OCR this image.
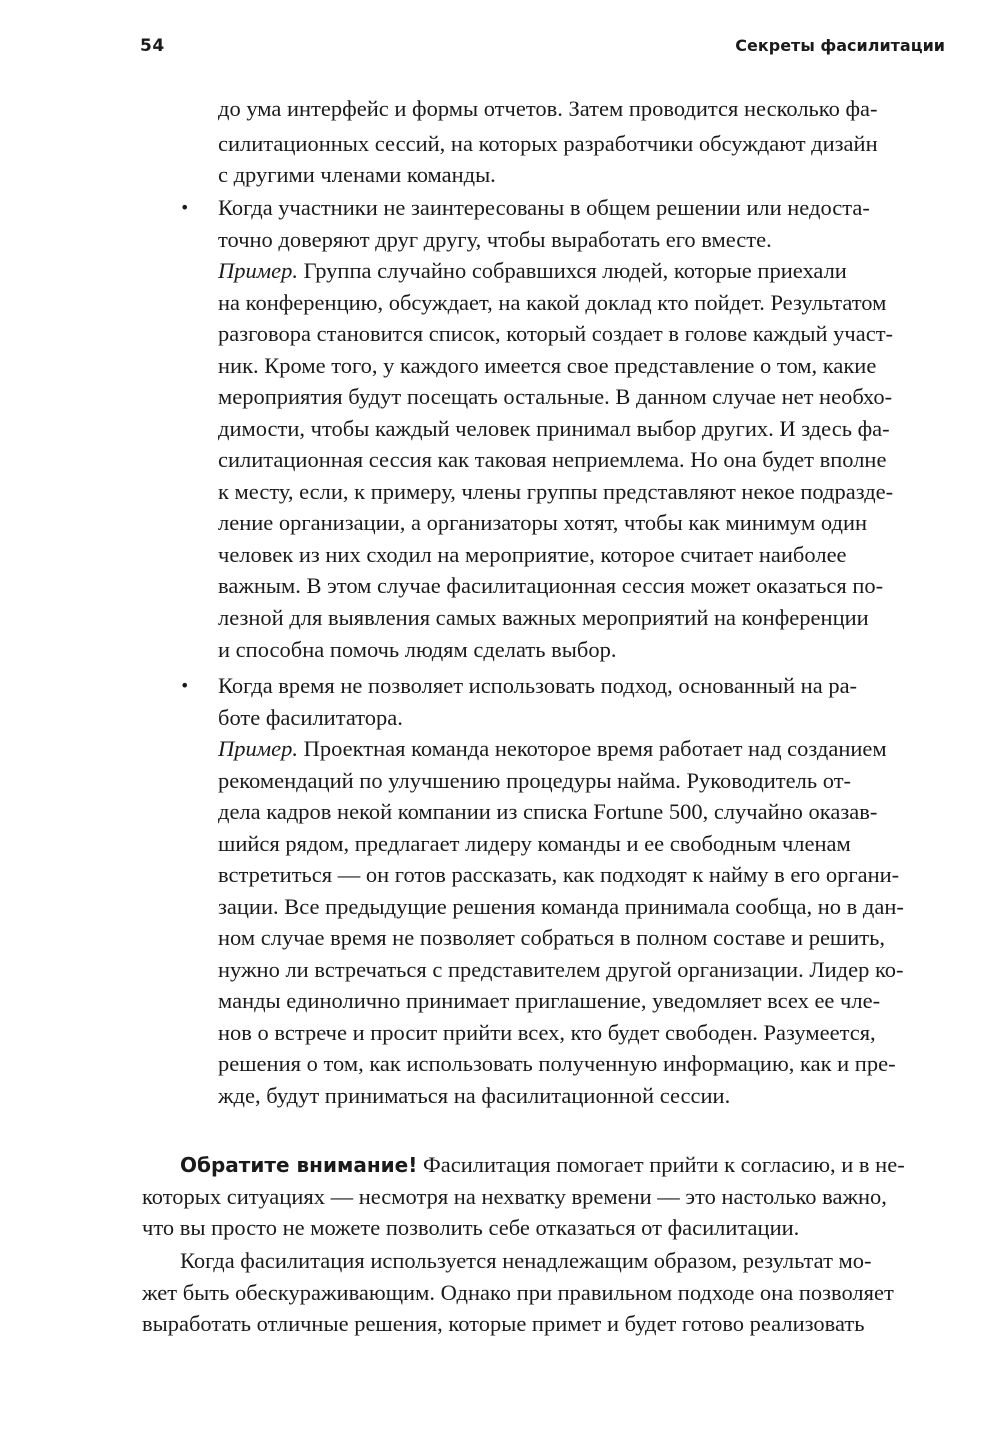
54	Секреты фасилитации
до ума интерфейс и формы отчетов. Затем проводится несколько фа-
силитационных сессий, на которых разработчики обсуждают дизайн
с другими членами команды.
• Когда участники не заинтересованы в общем решении или недоста-
точно доверяют друг другу, чтобы выработать его вместе.
Пример. Группа случайно собравшихся людей, которые приехали
на конференцию, обсуждает, на какой доклад кто пойдет. Результатом
разговора становится список, который создает в голове каждый участ-
ник. Кроме того, у каждого имеется свое представление о том, какие
мероприятия будут посещать остальные. В данном случае нет необхо-
димости, чтобы каждый человек принимал выбор других. И здесь фа-
силитационная сессия как таковая неприемлема. Но она будет вполне
к месту, если, к примеру, члены группы представляют некое подразде-
ление организации, а организаторы хотят, чтобы как минимум один
человек из них сходил на мероприятие, которое считает наиболее
важным. В этом случае фасилитационная сессия может оказаться по-
лезной для выявления самых важных мероприятий на конференции
и способна помочь людям сделать выбор.
• Когда время не позволяет использовать подход, основанный на ра-
боте фасилитатора.
Пример. Проектная команда некоторое время работает над созданием
рекомендаций по улучшению процедуры найма. Руководитель от-
дела кадров некой компании из списка Fortune 500, случайно оказав-
шийся рядом, предлагает лидеру команды и ее свободным членам
встретиться — он готов рассказать, как подходят к найму в его органи-
зации. Все предыдущие решения команда принимала сообща, но в дан-
ном случае время не позволяет собраться в полном составе и решить,
нужно ли встречаться с представителем другой организации. Лидер ко-
манды единолично принимает приглашение, уведомляет всех ее чле-
нов о встрече и просит прийти всех, кто будет свободен. Разумеется,
решения о том, как использовать полученную информацию, как и пре-
жде, будут приниматься на фасилитационной сессии.
Обратите внимание! Фасилитация помогает прийти к согласию, и в не-
которых ситуациях — несмотря на нехватку времени — это настолько важно,
что вы просто не можете позволить себе отказаться от фасилитации.
Когда фасилитация используется ненадлежащим образом, результат мо-
жет быть обескураживающим. Однако при правильном подходе она позволяет
выработать отличные решения, которые примет и будет готово реализовать
